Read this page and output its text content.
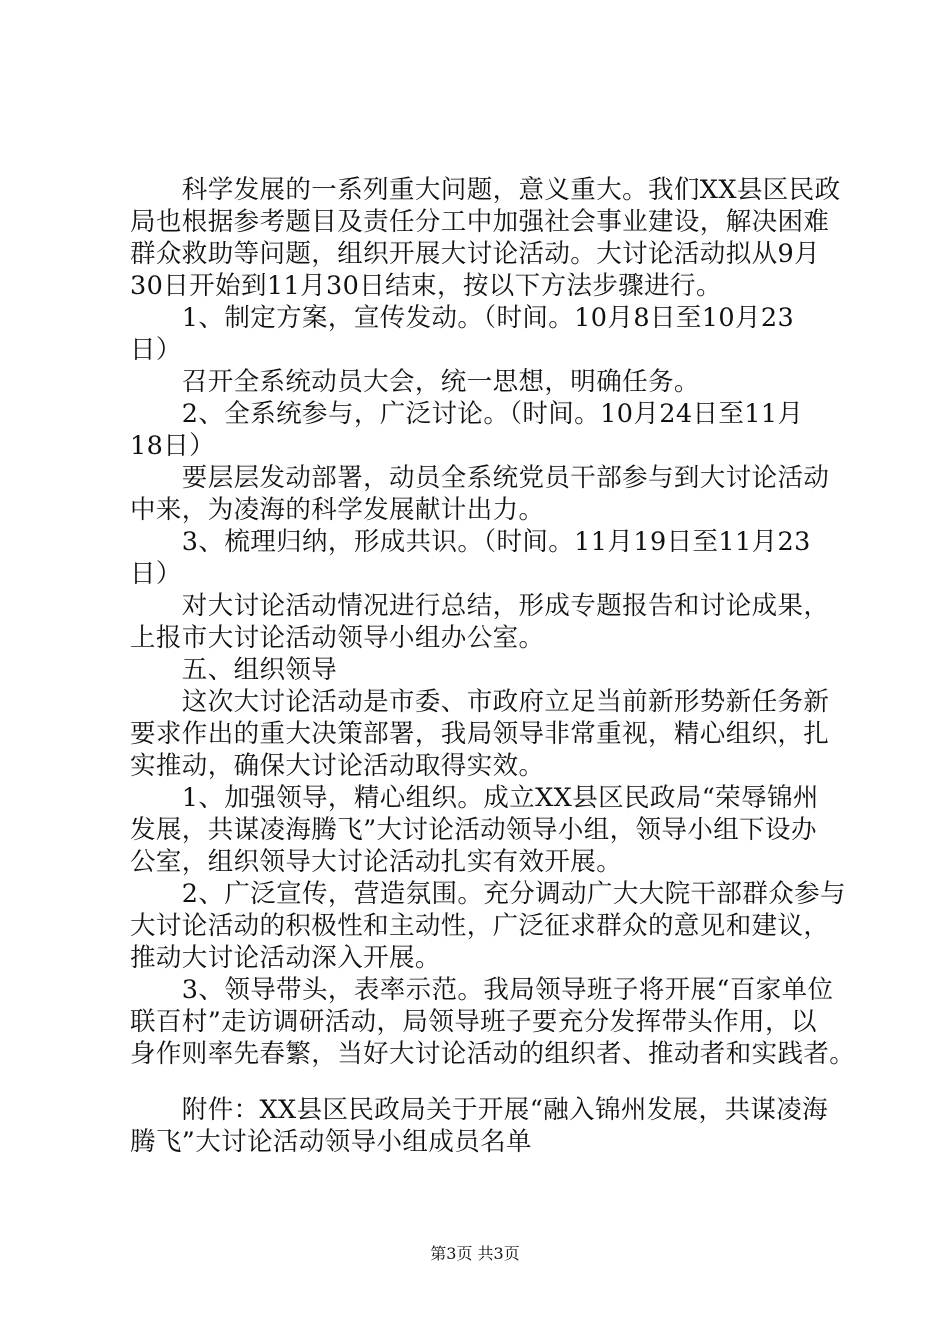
　　科学发展的一系列重大问题，意义重大。我们XX县区民政
局也根据参考题目及责任分工中加强社会事业建设，解决困难
群众救助等问题，组织开展大讨论活动。大讨论活动拟从9月
30日开始到11月30日结束，按以下方法步骤进行。
　　1、制定方案，宣传发动。（时间。10月8日至10月23
日）
　　召开全系统动员大会，统一思想，明确任务。
　　2、全系统参与，广泛讨论。（时间。10月24日至11月
18日）
　　要层层发动部署，动员全系统党员干部参与到大讨论活动
中来，为凌海的科学发展献计出力。
　　3、梳理归纳，形成共识。（时间。11月19日至11月23
日）
　　对大讨论活动情况进行总结，形成专题报告和讨论成果，
上报市大讨论活动领导小组办公室。
　　五、组织领导
　　这次大讨论活动是市委、市政府立足当前新形势新任务新
要求作出的重大决策部署，我局领导非常重视，精心组织，扎
实推动，确保大讨论活动取得实效。
　　1、加强领导，精心组织。成立XX县区民政局“荣辱锦州
发展，共谋凌海腾飞”大讨论活动领导小组，领导小组下设办
公室，组织领导大讨论活动扎实有效开展。
　　2、广泛宣传，营造氛围。充分调动广大大院干部群众参与
大讨论活动的积极性和主动性，广泛征求群众的意见和建议，
推动大讨论活动深入开展。
　　3、领导带头，表率示范。我局领导班子将开展“百家单位
联百村”走访调研活动，局领导班子要充分发挥带头作用，以
身作则率先春繁，当好大讨论活动的组织者、推动者和实践者。
　　附件：XX县区民政局关于开展“融入锦州发展，共谋凌海
腾飞”大讨论活动领导小组成员名单
第3页 共3页
